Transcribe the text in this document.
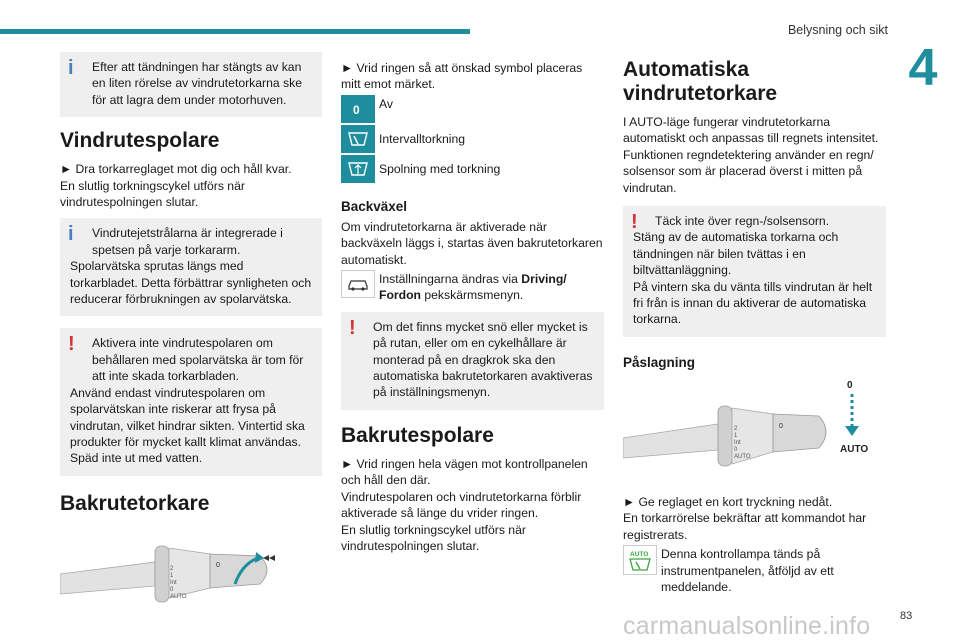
Belysning och sikt
4
i Efter att tändningen har stängts av kan en liten rörelse av vindrutetorkarna ske för att lagra dem under motorhuven.

Vindrutespolare

► Dra torkarreglaget mot dig och håll kvar.

En slutlig torkningscykel utförs när vindrutespolningen slutar.

i Vindrutejetstrålarna är integrerade i spetsen på varje torkararm.

Spolarvätska sprutas längs med torkarbladet. Detta förbättrar synligheten och reducerar förbrukningen av spolarvätska.

! Aktivera inte vindrutespolaren om behållaren med spolarvätska är tom för att inte skada torkarbladen.

Använd endast vindrutespolaren om spolarvätskan inte riskerar att frysa på vindrutan, vilket hindrar sikten. Vintertid ska produkter för mycket kallt klimat användas. Späd inte ut med vatten.

Bakrutetorkare
2
1
Int
0
AUTO
0

► Vrid ringen så att önskad symbol placeras mitt emot märket.

0 Av
Intervalltorkning
Spolning med torkning
Backväxel

Om vindrutetorkarna är aktiverade när backväxeln läggs i, startas även bakrutetorkaren automatiskt.

Inställningarna ändras via Driving/ Fordon pekskärmsmenyn.
! Om det finns mycket snö eller mycket is på rutan, eller om en cykelhållare är monterad på en dragkrok ska den automatiska bakrutetorkaren avaktiveras på inställningsmenyn.

Bakrutespolare

► Vrid ringen hela vägen mot kontrollpanelen och håll den där.

Vindrutespolaren och vindrutetorkarna förblir aktiverade så länge du vrider ringen.

En slutlig torkningscykel utförs när vindrutespolningen slutar.

Automatiska vindrutetorkare

I AUTO-läge fungerar vindrutetorkarna automatiskt och anpassas till regnets intensitet. Funktionen regndetektering använder en regn/ solsensor som är placerad överst i mitten på vindrutan.

! Täck inte över regn-/solsensorn.

Stäng av de automatiska torkarna och tändningen när bilen tvättas i en biltvättanläggning.

På vintern ska du vänta tills vindrutan är helt fri från is innan du aktiverar de automatiska torkarna.

Påslagning
2
1
Int
0
AUTO
0
0
AUTO

► Ge reglaget en kort tryckning nedåt.

En torkarrörelse bekräftar att kommandot har registrerats.

AUTO Denna kontrollampa tänds på instrumentpanelen, åtföljd av ett meddelande.
carmanualsonline.info	83
